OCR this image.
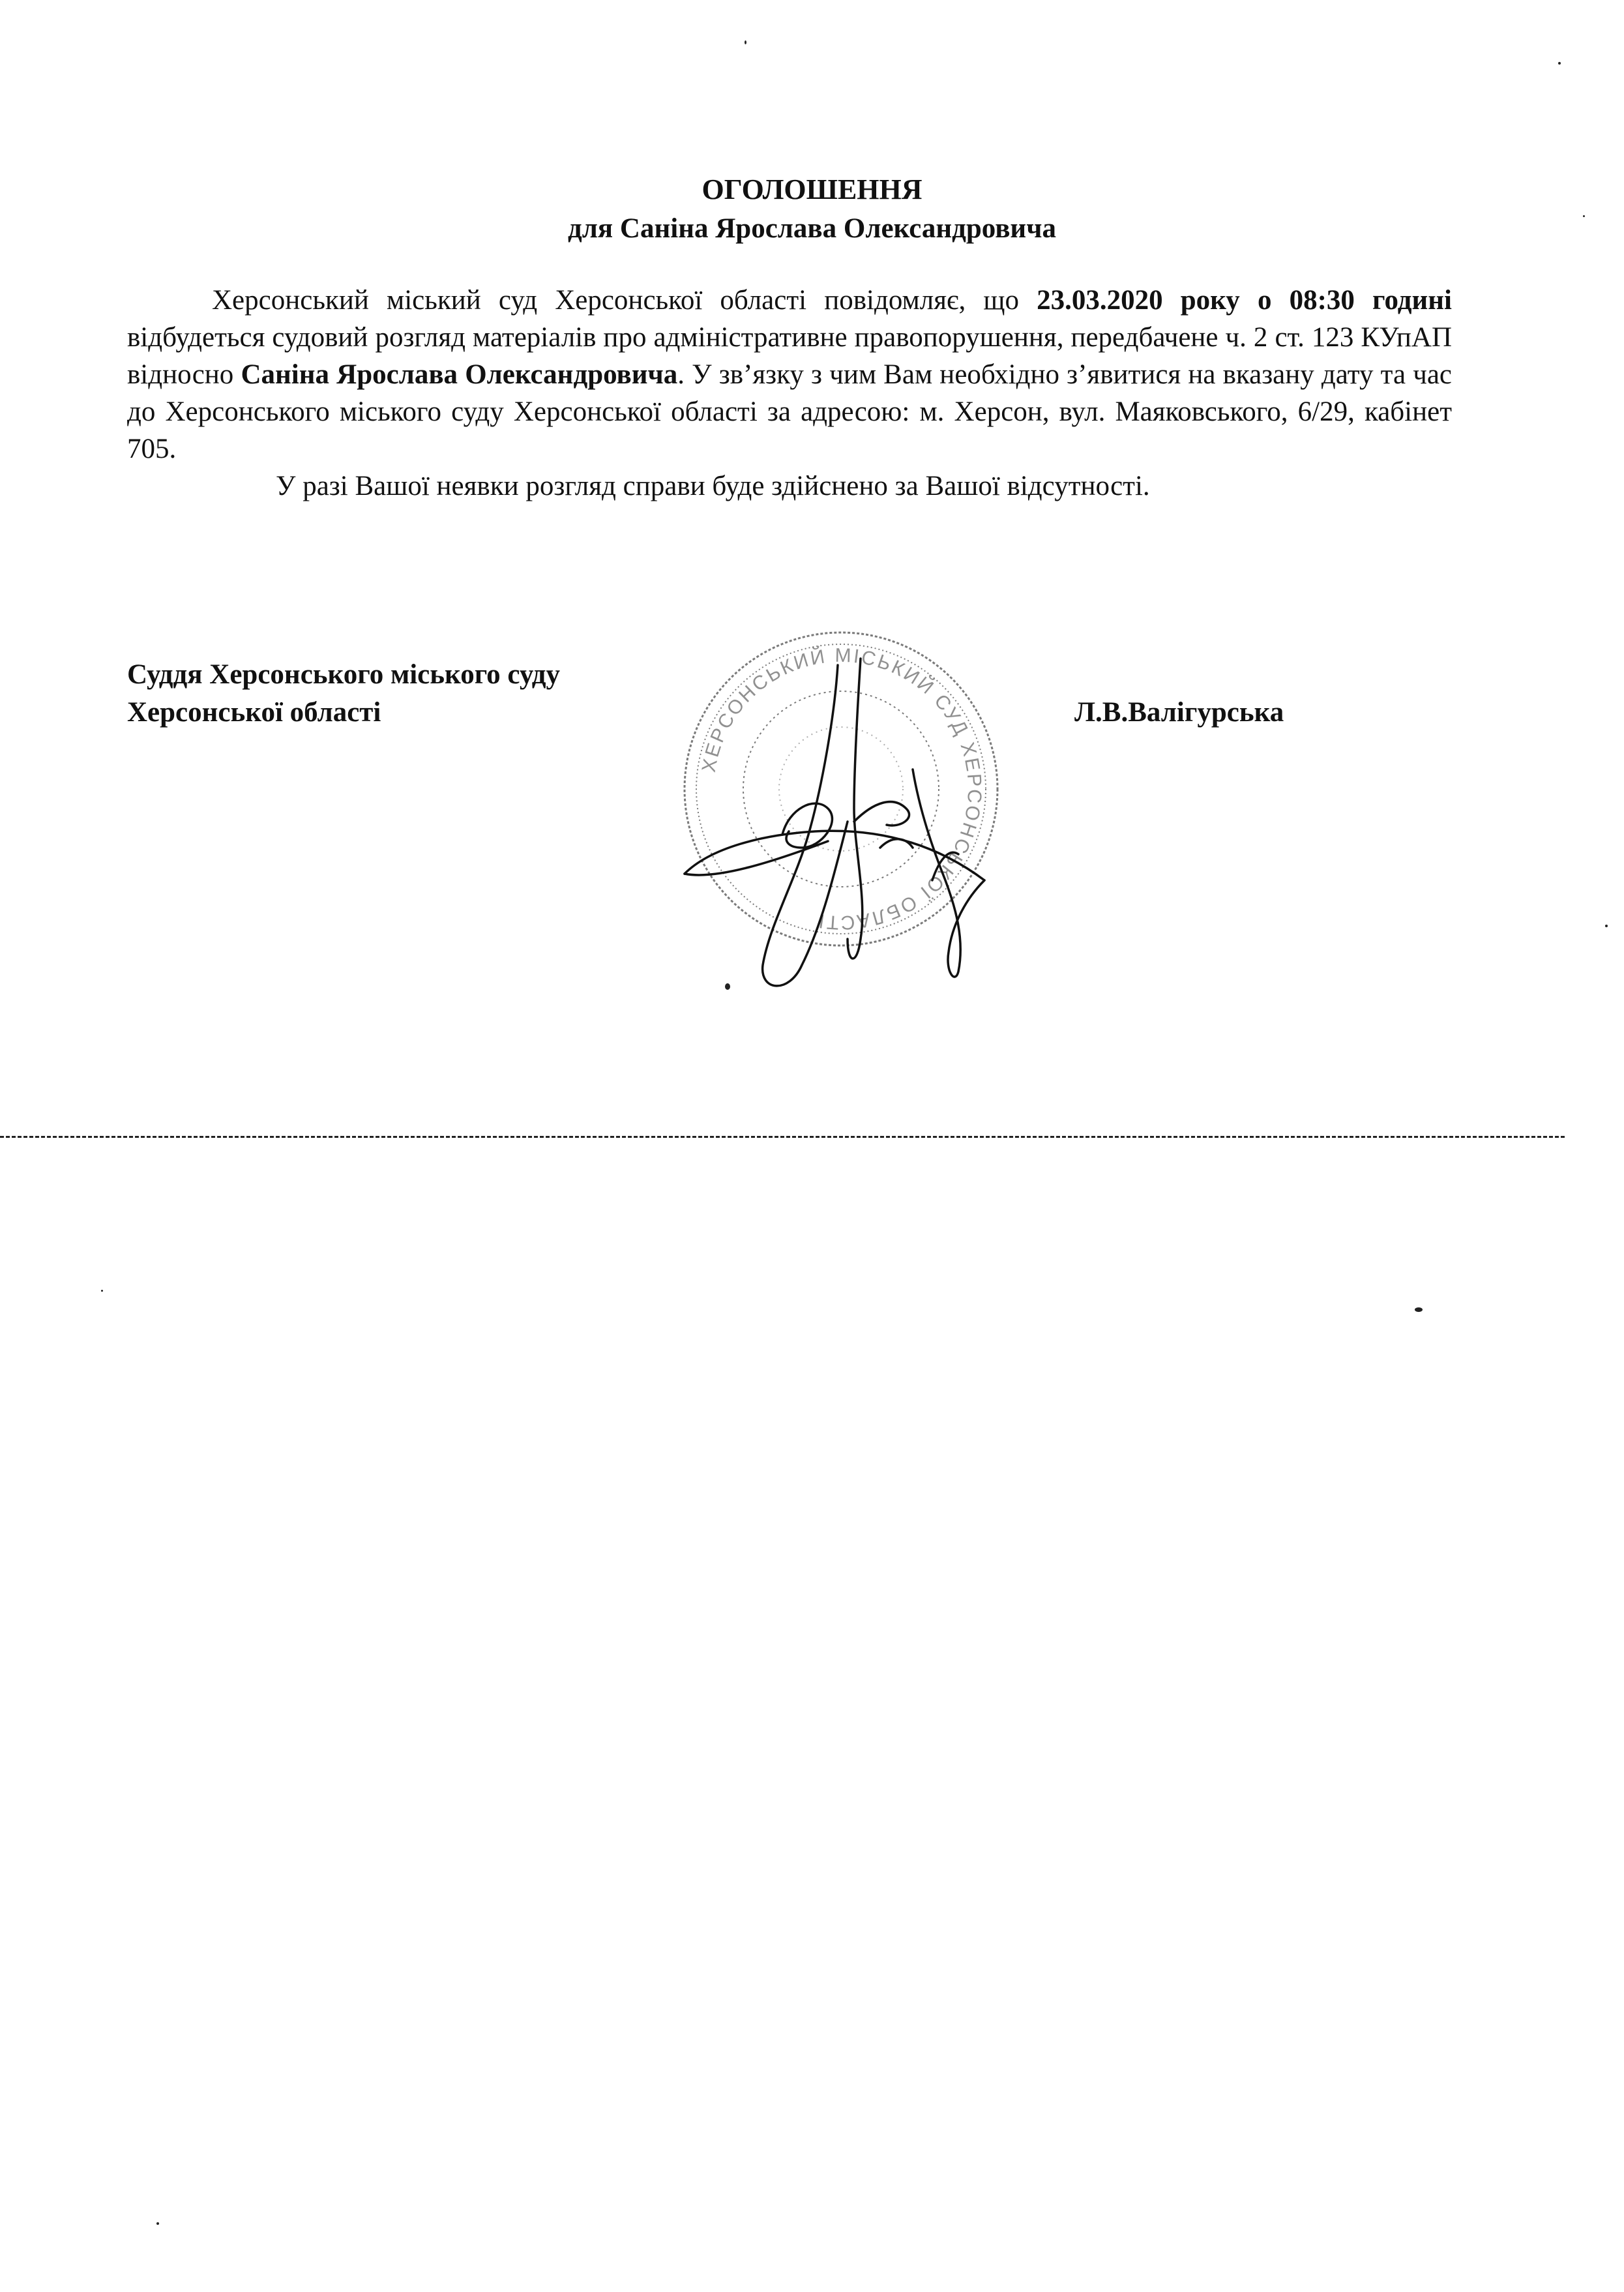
ОГОЛОШЕННЯ
для Саніна Ярослава Олександровича

Херсонський міський суд Херсонської області повідомляє, що 23.03.2020 року о 08:30 годині відбудеться судовий розгляд матеріалів про адміністративне правопорушення, передбачене ч. 2 ст. 123 КУпАП відносно Саніна Ярослава Олександровича. У зв’язку з чим Вам необхідно з’явитися на вказану дату та час до Херсонського міського суду Херсонської області за адресою: м. Херсон, вул. Маяковського, 6/29, кабінет 705.

У разі Вашої неявки розгляд справи буде здійснено за Вашої відсутності.

Суддя Херсонського міського суду
Херсонської області
ХЕРСОНСЬКИЙ МІСЬКИЙ СУД ХЕРСОНСЬКОЇ ОБЛАСТІ
Л.В.Валігурська
